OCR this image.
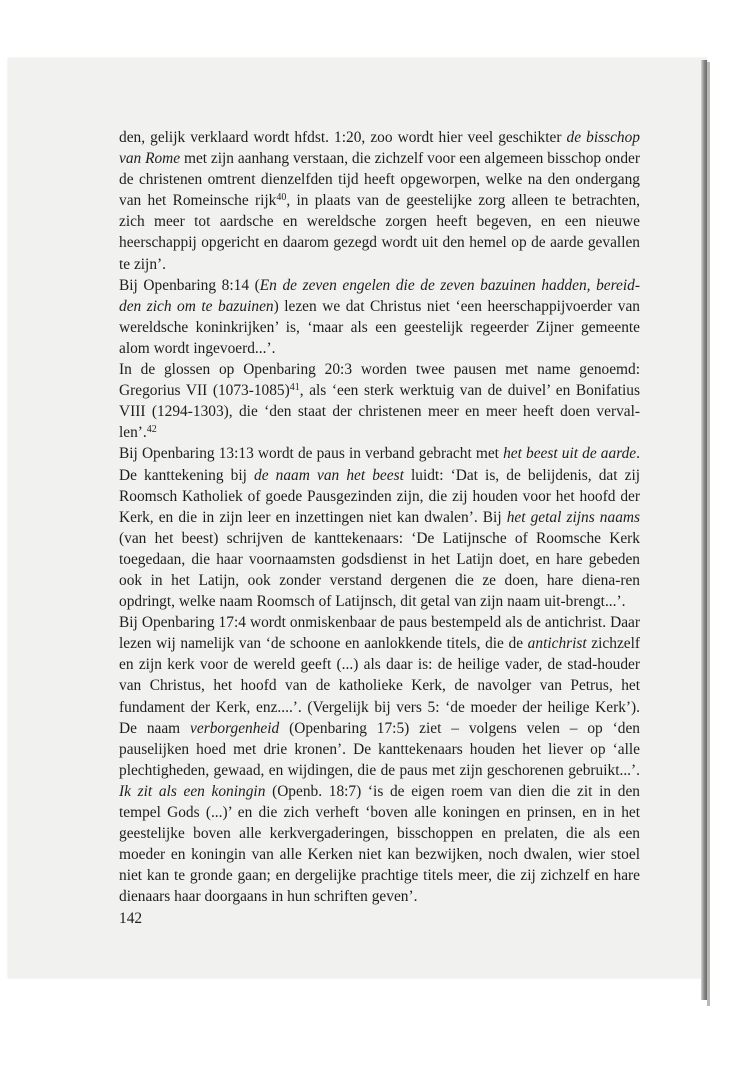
den, gelijk verklaard wordt hfdst. 1:20, zoo wordt hier veel geschikter de bisschop van Rome met zijn aanhang verstaan, die zichzelf voor een algemeen bisschop onder de christenen omtrent dienzelfden tijd heeft opgeworpen, welke na den ondergang van het Romeinsche rijk$^{40}$, in plaats van de geestelijke zorg alleen te betrachten, zich meer tot aardsche en wereldsche zorgen heeft begeven, en een nieuwe heerschappij opgericht en daarom gezegd wordt uit den hemel op de aarde gevallen te zijn’.

Bij Openbaring 8:14 (En de zeven engelen die de zeven bazuinen hadden, bereid-den zich om te bazuinen) lezen we dat Christus niet ‘een heerschappijvoerder van wereldsche koninkrijken’ is, ‘maar als een geestelijk regeerder Zijner gemeente alom wordt ingevoerd...’.

In de glossen op Openbaring 20:3 worden twee pausen met name genoemd: Gregorius VII (1073-1085)$^{41}$, als ‘een sterk werktuig van de duivel’ en Bonifatius VIII (1294-1303), die ‘den staat der christenen meer en meer heeft doen verval-len’.$^{42}$

Bij Openbaring 13:13 wordt de paus in verband gebracht met het beest uit de aarde. De kanttekening bij de naam van het beest luidt: ‘Dat is, de belijdenis, dat zij Roomsch Katholiek of goede Pausgezinden zijn, die zij houden voor het hoofd der Kerk, en die in zijn leer en inzettingen niet kan dwalen’. Bij het getal zijns naams (van het beest) schrijven de kanttekenaars: ‘De Latijnsche of Roomsche Kerk toegedaan, die haar voornaamsten godsdienst in het Latijn doet, en hare gebeden ook in het Latijn, ook zonder verstand dergenen die ze doen, hare diena-ren opdringt, welke naam Roomsch of Latijnsch, dit getal van zijn naam uit-brengt...’.

Bij Openbaring 17:4 wordt onmiskenbaar de paus bestempeld als de antichrist. Daar lezen wij namelijk van ‘de schoone en aanlokkende titels, die de antichrist zichzelf en zijn kerk voor de wereld geeft (...) als daar is: de heilige vader, de stad-houder van Christus, het hoofd van de katholieke Kerk, de navolger van Petrus, het fundament der Kerk, enz....’. (Vergelijk bij vers 5: ‘de moeder der heilige Kerk’). De naam verborgenheid (Openbaring 17:5) ziet – volgens velen – op ‘den pauselijken hoed met drie kronen’. De kanttekenaars houden het liever op ‘alle plechtigheden, gewaad, en wijdingen, die de paus met zijn geschorenen gebruikt...’. Ik zit als een koningin (Openb. 18:7) ‘is de eigen roem van dien die zit in den tempel Gods (...)’ en die zich verheft ‘boven alle koningen en prinsen, en in het geestelijke boven alle kerkvergaderingen, bisschoppen en prelaten, die als een moeder en koningin van alle Kerken niet kan bezwijken, noch dwalen, wier stoel niet kan te gronde gaan; en dergelijke prachtige titels meer, die zij zichzelf en hare dienaars haar doorgaans in hun schriften geven’.

142
